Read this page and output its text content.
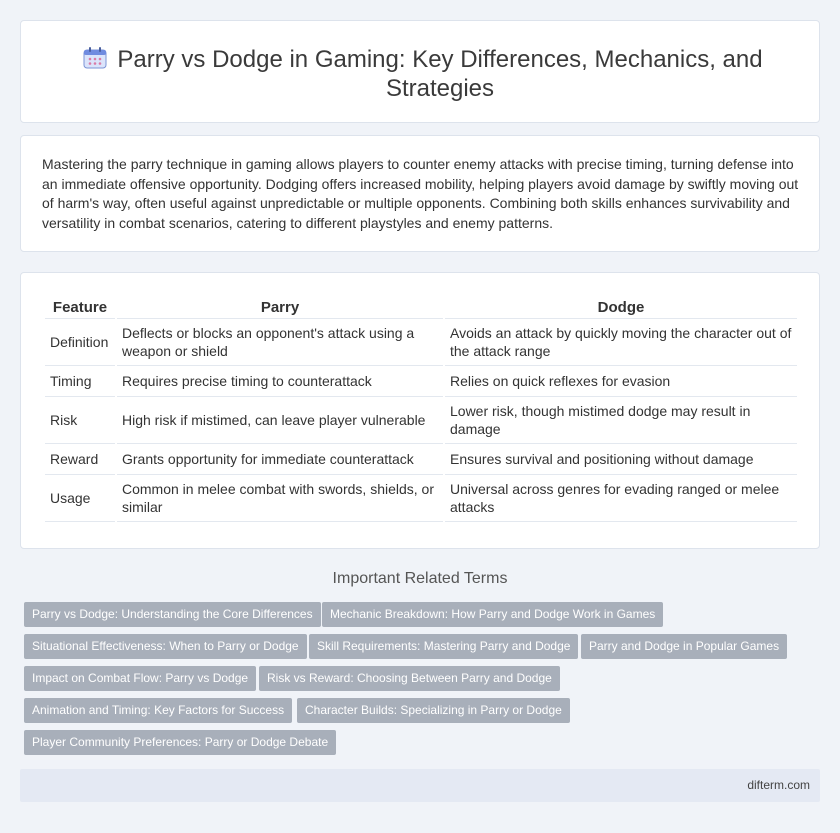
Parry vs Dodge in Gaming: Key Differences, Mechanics, and Strategies

Mastering the parry technique in gaming allows players to counter enemy attacks with precise timing, turning defense into an immediate offensive opportunity. Dodging offers increased mobility, helping players avoid damage by swiftly moving out of harm's way, often useful against unpredictable or multiple opponents. Combining both skills enhances survivability and versatility in combat scenarios, catering to different playstyles and enemy patterns.

Feature	Parry	Dodge
Definition	Deflects or blocks an opponent's attack using a weapon or shield	Avoids an attack by quickly moving the character out of the attack range
Timing	Requires precise timing to counterattack	Relies on quick reflexes for evasion
Risk	High risk if mistimed, can leave player vulnerable	Lower risk, though mistimed dodge may result in damage
Reward	Grants opportunity for immediate counterattack	Ensures survival and positioning without damage
Usage	Common in melee combat with swords, shields, or similar	Universal across genres for evading ranged or melee attacks
Important Related Terms
Parry vs Dodge: Understanding the Core Differences	Mechanic Breakdown: How Parry and Dodge Work in Games
Situational Effectiveness: When to Parry or Dodge	Skill Requirements: Mastering Parry and Dodge	Parry and Dodge in Popular Games
Impact on Combat Flow: Parry vs Dodge	Risk vs Reward: Choosing Between Parry and Dodge
Animation and Timing: Key Factors for Success	Character Builds: Specializing in Parry or Dodge
Player Community Preferences: Parry or Dodge Debate
difterm.com
